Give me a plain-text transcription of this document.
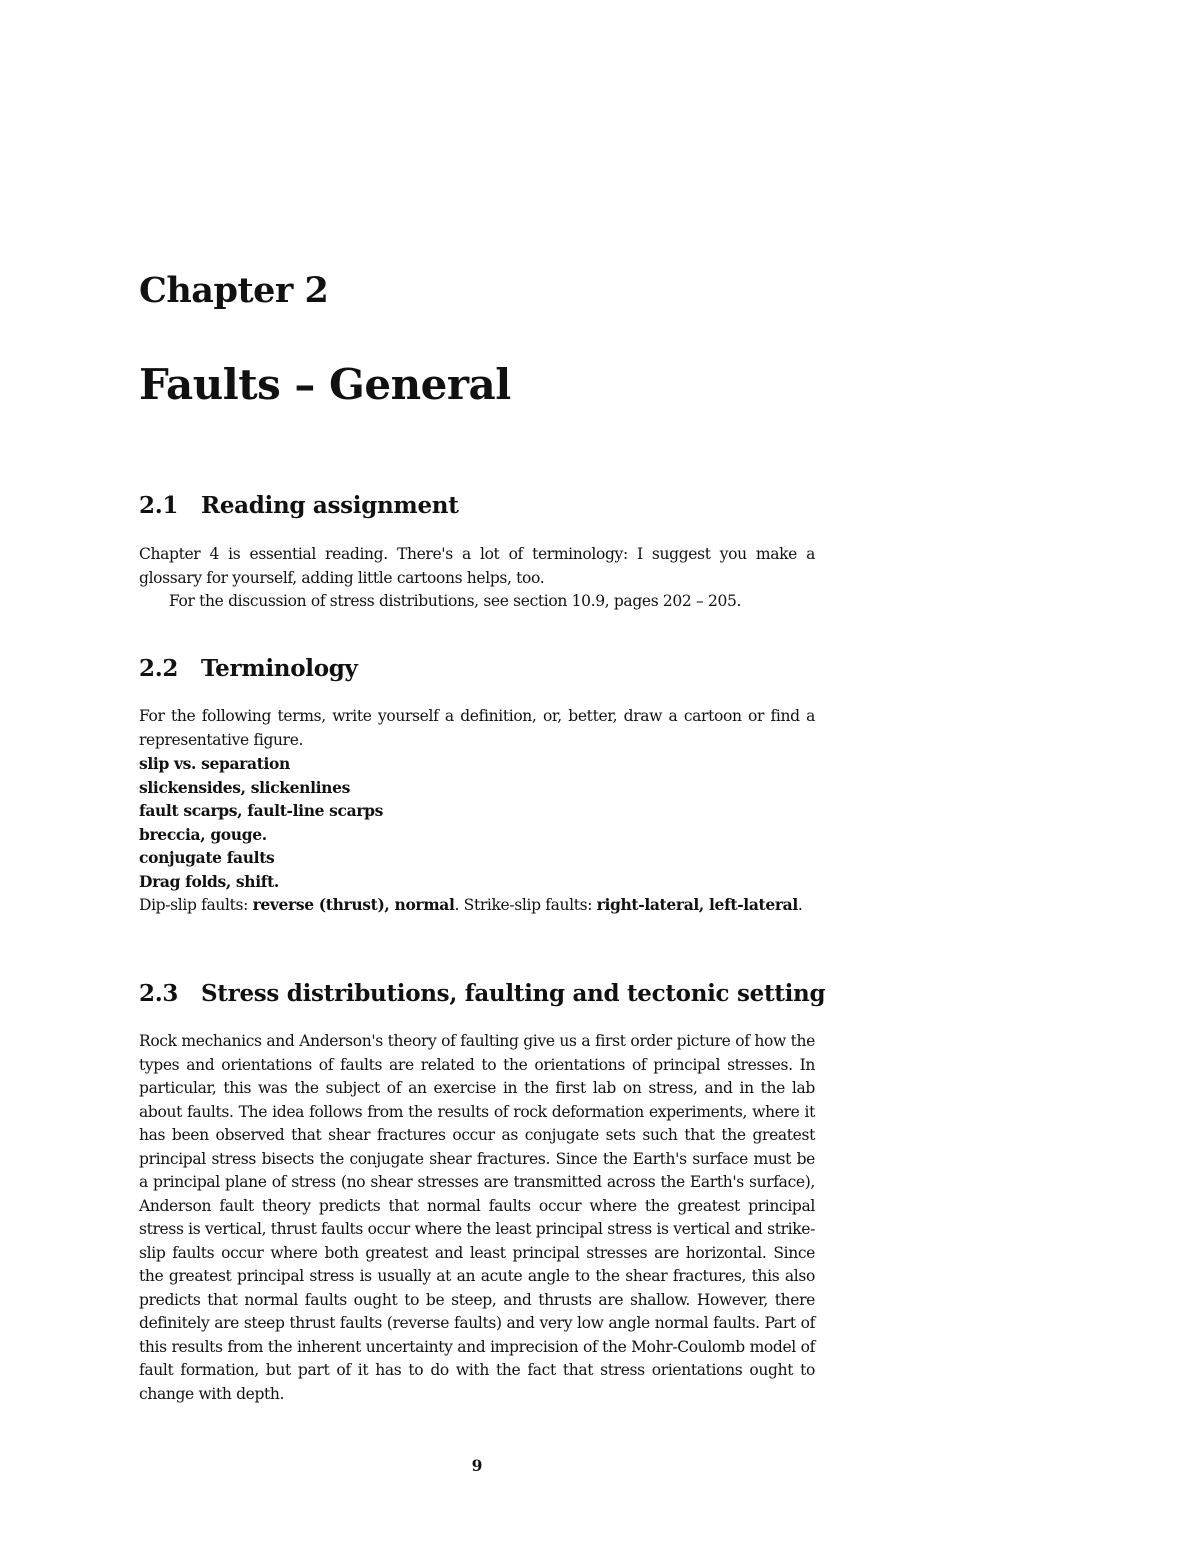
Chapter 2
Faults – General
2.1 Reading assignment
Chapter 4 is essential reading. There's a lot of terminology: I suggest you make a glossary for yourself, adding little cartoons helps, too.
For the discussion of stress distributions, see section 10.9, pages 202 – 205.
2.2 Terminology
For the following terms, write yourself a definition, or, better, draw a cartoon or find a representative figure.
slip vs. separation
slickensides, slickenlines
fault scarps, fault-line scarps
breccia, gouge.
conjugate faults
Drag folds, shift.
Dip-slip faults: reverse (thrust), normal. Strike-slip faults: right-lateral, left-lateral.
2.3 Stress distributions, faulting and tectonic setting
Rock mechanics and Anderson's theory of faulting give us a first order picture of how the types and orientations of faults are related to the orientations of principal stresses. In particular, this was the subject of an exercise in the first lab on stress, and in the lab about faults. The idea follows from the results of rock deformation experiments, where it has been observed that shear fractures occur as conjugate sets such that the greatest principal stress bisects the conjugate shear fractures. Since the Earth's surface must be a principal plane of stress (no shear stresses are transmitted across the Earth's surface), Anderson fault theory predicts that normal faults occur where the greatest principal stress is vertical, thrust faults occur where the least principal stress is vertical and strike-slip faults occur where both greatest and least principal stresses are horizontal. Since the greatest principal stress is usually at an acute angle to the shear fractures, this also predicts that normal faults ought to be steep, and thrusts are shallow. However, there definitely are steep thrust faults (reverse faults) and very low angle normal faults. Part of this results from the inherent uncertainty and imprecision of the Mohr-Coulomb model of fault formation, but part of it has to do with the fact that stress orientations ought to change with depth.
9
